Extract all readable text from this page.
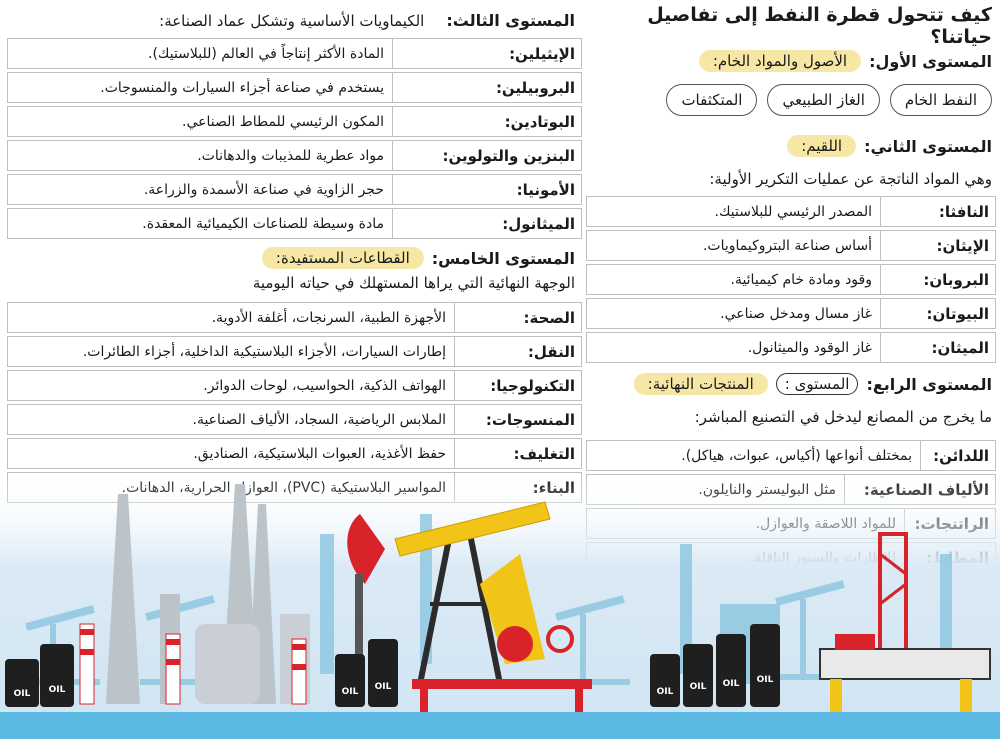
كيف تتحول قطرة النفط إلى تفاصيل حياتنا؟
المستوى الأول:
الأصول والمواد الخام:
النفط الخام
الغاز الطبيعي
المتكثفات
المستوى الثاني:
اللقيم:
وهي المواد الناتجة عن عمليات التكرير الأولية:
النافثا:
المصدر الرئيسي للبلاستيك.
الإيثان:
أساس صناعة البتروكيماويات.
البروبان:
وقود ومادة خام كيميائية.
البيوتان:
غاز مسال ومدخل صناعي.
الميثان:
غاز الوقود والميثانول.
المستوى الرابع:
المستوى :
المنتجات النهائية:
ما يخرج من المصانع ليدخل في التصنيع المباشر:
اللدائن:
بمختلف أنواعها (أكياس، عبوات، هياكل).
المستوى الثالث:
الكيماويات الأساسية وتشكل عماد الصناعة:
الإيثيلين:
المادة الأكثر إنتاجاً في العالم (للبلاستيك).
البروبيلين:
يستخدم في صناعة أجزاء السيارات والمنسوجات.
البوتادين:
المكون الرئيسي للمطاط الصناعي.
البنزين والتولوين:
مواد عطرية للمذيبات والدهانات.
الأمونيا:
حجر الزاوية في صناعة الأسمدة والزراعة.
الميثانول:
مادة وسيطة للصناعات الكيميائية المعقدة.
المستوى الخامس:
القطاعات المستفيدة:
الوجهة النهائية التي يراها المستهلك في حياته اليومية
الصحة:
الأجهزة الطبية، السرنجات، أغلفة الأدوية.
النقل:
إطارات السيارات، الأجزاء البلاستيكية الداخلية، أجزاء الطائرات.
التكنولوجيا:
الهواتف الذكية، الحواسيب، لوحات الدوائر.
المنسوجات:
الملابس الرياضية، السجاد، الألياف الصناعية.
التغليف:
حفظ الأغذية، العبوات البلاستيكية، الصناديق.
OIL OIL	OIL OIL	OIL OIL OIL OIL
